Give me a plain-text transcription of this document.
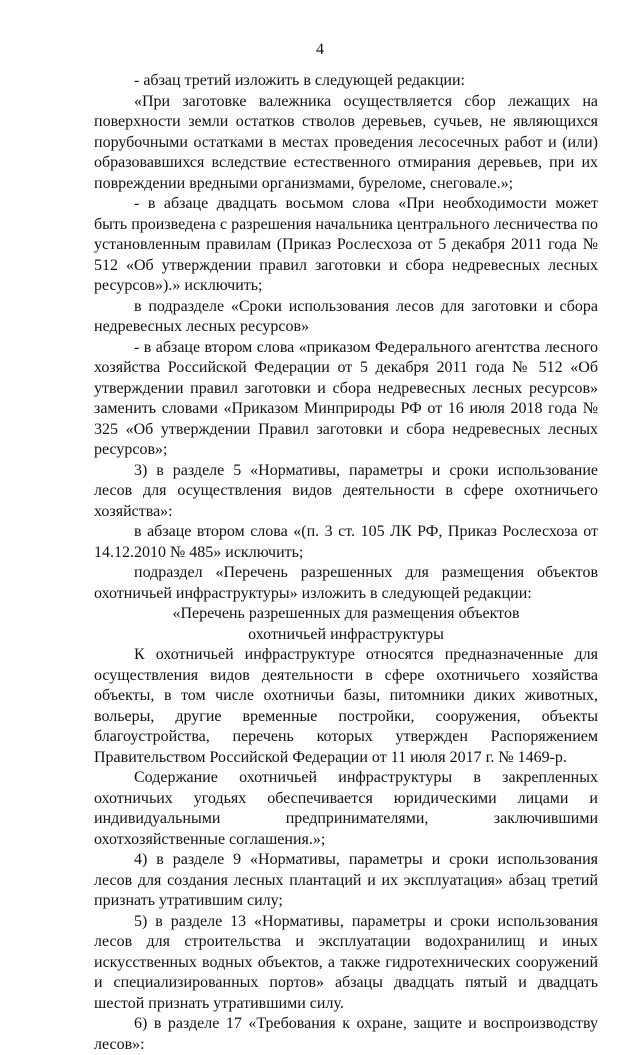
4

- абзац третий изложить в следующей редакции:

«При заготовке валежника осуществляется сбор лежащих на поверхности земли остатков стволов деревьев, сучьев, не являющихся порубочными остатками в местах проведения лесосечных работ и (или) образовавшихся вследствие естественного отмирания деревьев, при их повреждении вредными организмами, буреломе, снеговале.»;

- в абзаце двадцать восьмом слова «При необходимости может быть произведена с разрешения начальника центрального лесничества по установленным правилам (Приказ Рослесхоза от 5 декабря 2011 года № 512 «Об утверждении правил заготовки и сбора недревесных лесных ресурсов»).» исключить;

в подразделе «Сроки использования лесов для заготовки и сбора недревесных лесных ресурсов»

- в абзаце втором слова «приказом Федерального агентства лесного хозяйства Российской Федерации от 5 декабря 2011 года № 512 «Об утверждении правил заготовки и сбора недревесных лесных ресурсов» заменить словами «Приказом Минприроды РФ от 16 июля 2018 года № 325 «Об утверждении Правил заготовки и сбора недревесных лесных ресурсов»;

3) в разделе 5 «Нормативы, параметры и сроки использование лесов для осуществления видов деятельности в сфере охотничьего хозяйства»:

в абзаце втором слова «(п. 3 ст. 105 ЛК РФ, Приказ Рослесхоза от 14.12.2010 № 485» исключить;

подраздел «Перечень разрешенных для размещения объектов охотничьей инфраструктуры» изложить в следующей редакции:

«Перечень разрешенных для размещения объектов охотничьей инфраструктуры

К охотничьей инфраструктуре относятся предназначенные для осуществления видов деятельности в сфере охотничьего хозяйства объекты, в том числе охотничьи базы, питомники диких животных, вольеры, другие временные постройки, сооружения, объекты благоустройства, перечень которых утвержден Распоряжением Правительством Российской Федерации от 11 июля 2017 г. № 1469-р.

Содержание охотничьей инфраструктуры в закрепленных охотничьих угодьях обеспечивается юридическими лицами и индивидуальными предпринимателями, заключившими охотхозяйственные соглашения.»;

4) в разделе 9 «Нормативы, параметры и сроки использования лесов для создания лесных плантаций и их эксплуатация» абзац третий признать утратившим силу;

5) в разделе 13 «Нормативы, параметры и сроки использования лесов для строительства и эксплуатации водохранилищ и иных искусственных водных объектов, а также гидротехнических сооружений и специализированных портов» абзацы двадцать пятый и двадцать шестой признать утратившими силу.

6) в разделе 17 «Требования к охране, защите и воспроизводству лесов»:
